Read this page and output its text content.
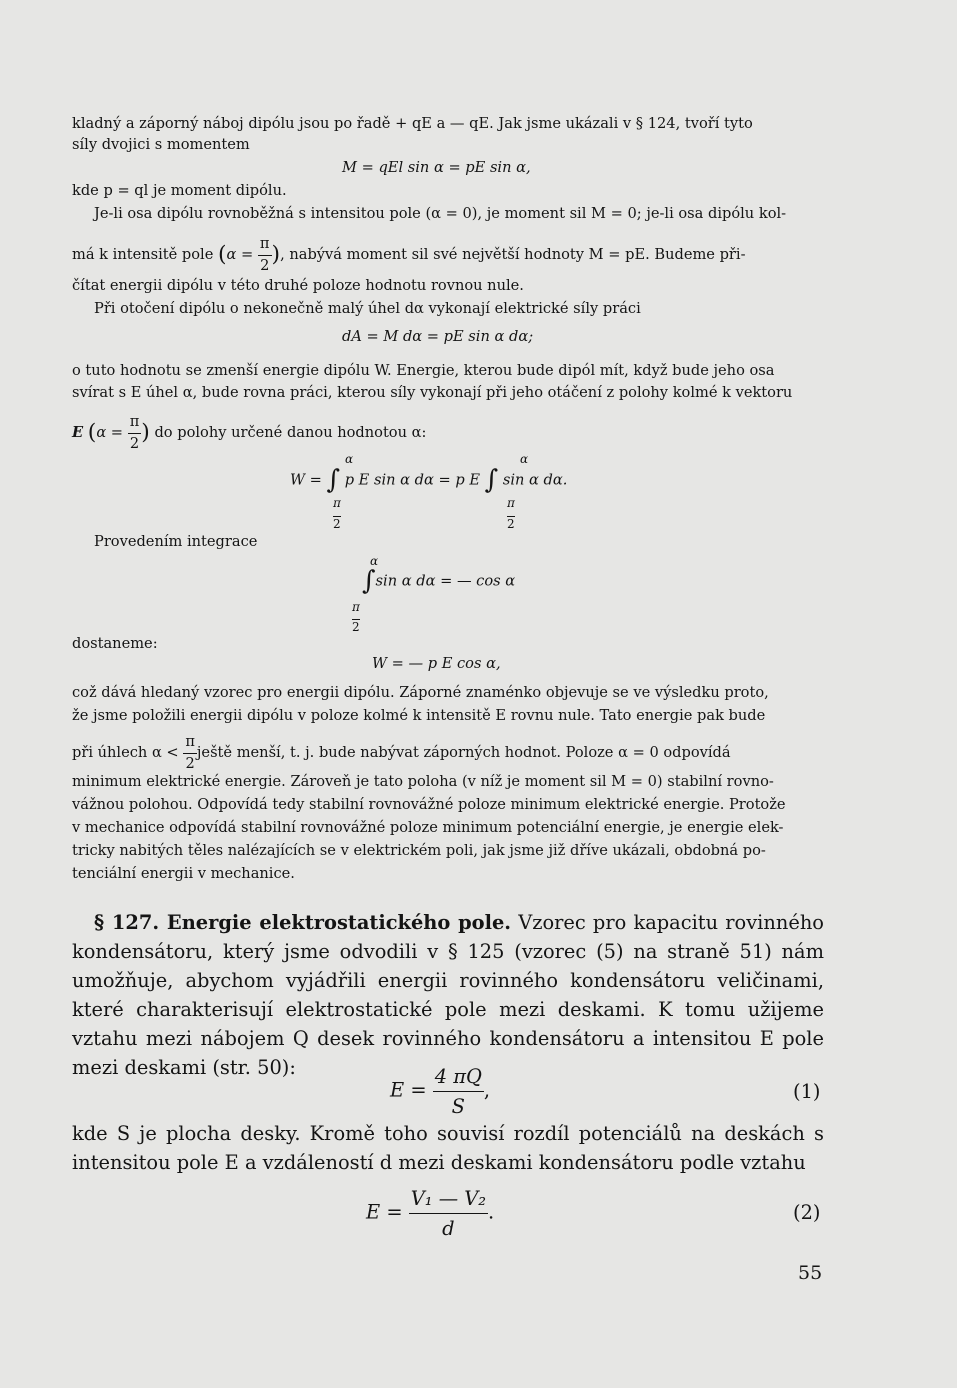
kladný a záporný náboj dipólu jsou po řadě + qE a — qE. Jak jsme ukázali v § 124, tvoří tyto

síly dvojici s momentem

M = qEl sin α = pE sin α,

kde p = ql je moment dipólu.

Je-li osa dipólu rovnoběžná s intensitou pole (α = 0), je moment sil M = 0; je-li osa dipólu kol-

má k intensitě pole ($\alpha = \frac{\pi}{2}$ ), nabývá moment sil své největší hodnoty M = pE. Budeme při-

čítat energii dipólu v této druhé poloze hodnotu rovnou nule.

Při otočení dipólu o nekonečně malý úhel dα vykonají elektrické síly práci

dA = M dα = pE sin α dα;

o tuto hodnotu se zmenší energie dipólu W. Energie, kterou bude dipól mít, když bude jeho osa

svírat s E úhel α, bude rovna práci, kterou síly vykonají při jeho otáčení z polohy kolmé k vektoru

E ($\alpha = \frac{\pi}{2}$ ) do polohy určené danou hodnotou α:
W = ∫ p E sin α dα = p E ∫ sin α dα.
α
π
2
α
π
2

Provedením integrace

∫sin α dα = — cos α
α
π
2

dostaneme:

W = — p E cos α,

což dává hledaný vzorec pro energii dipólu. Záporné znaménko objevuje se ve výsledku proto,

že jsme položili energii dipólu v poloze kolmé k intensitě E rovnu nule. Tato energie pak bude

při úhlech $\alpha < \frac{\pi}{2}$ ještě menší, t. j. bude nabývat záporných hodnot. Poloze α = 0 odpovídá

minimum elektrické energie. Zároveň je tato poloha (v níž je moment sil M = 0) stabilní rovno-

vážnou polohou. Odpovídá tedy stabilní rovnovážné poloze minimum elektrické energie. Protože

v mechanice odpovídá stabilní rovnovážné poloze minimum potenciální energie, je energie elek-

tricky nabitých těles nalézajících se v elektrickém poli, jak jsme již dříve ukázali, obdobná po-

tenciální energii v mechanice.

§ 127. Energie elektrostatického pole. Vzorec pro kapacitu rovinného kondensátoru, který jsme odvodili v § 125 (vzorec (5) na straně 51) nám umožňuje, abychom vyjádřili energii rovinného kondensátoru veličinami, které charakterisují elektrostatické pole mezi deskami. K tomu užijeme vztahu mezi nábojem Q desek rovinného kondensátoru a intensitou E pole mezi deskami (str. 50):

$E = \frac{4 \pi Q}{S}$ ,	(1)

kde S je plocha desky. Kromě toho souvisí rozdíl potenciálů na deskách s intensitou pole E a vzdáleností d mezi deskami kondensátoru podle vztahu

$E = \frac{\text{V₁ — V₂}}{d}$ .	(2)
55
